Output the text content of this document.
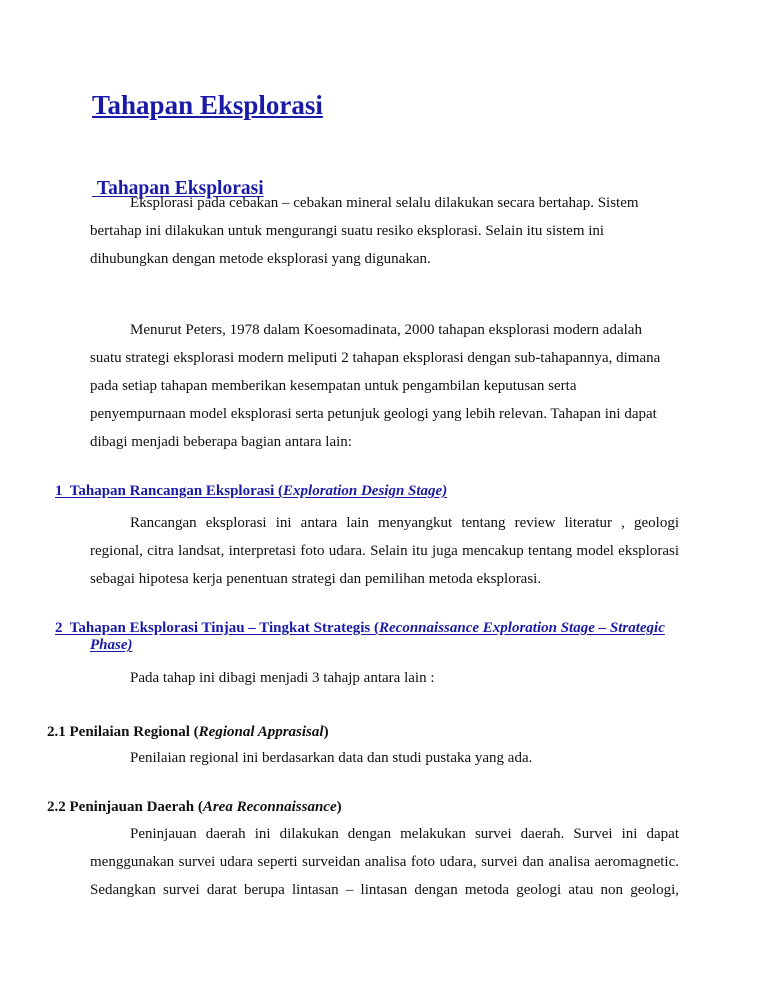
Tahapan Eksplorasi
Tahapan Eksplorasi
Eksplorasi pada cebakan – cebakan mineral selalu dilakukan secara bertahap. Sistem
bertahap ini dilakukan untuk mengurangi suatu resiko eksplorasi. Selain itu sistem ini
dihubungkan dengan metode eksplorasi yang digunakan.
Menurut Peters, 1978 dalam Koesomadinata, 2000 tahapan eksplorasi modern adalah
suatu strategi eksplorasi modern meliputi 2 tahapan eksplorasi dengan sub-tahapannya, dimana
pada setiap tahapan memberikan kesempatan untuk pengambilan keputusan serta
penyempurnaan model eksplorasi serta petunjuk geologi yang lebih relevan. Tahapan ini dapat
dibagi menjadi beberapa bagian antara lain:
1 Tahapan Rancangan Eksplorasi (Exploration Design Stage)
Rancangan eksplorasi ini antara lain menyangkut tentang review literatur , geologi
regional, citra landsat, interpretasi foto udara. Selain itu juga mencakup tentang model eksplorasi
sebagai hipotesa kerja penentuan strategi dan pemilihan metoda eksplorasi.
2 Tahapan Eksplorasi Tinjau – Tingkat Strategis (Reconnaissance Exploration Stage – Strategic
Phase)
Pada tahap ini dibagi menjadi 3 tahajp antara lain :
2.1 Penilaian Regional (Regional Apprasisal)
Penilaian regional ini berdasarkan data dan studi pustaka yang ada.
2.2 Peninjauan Daerah (Area Reconnaissance)
Peninjauan daerah ini dilakukan dengan melakukan survei daerah. Survei ini dapat
menggunakan survei udara seperti surveidan analisa foto udara, survei dan analisa aeromagnetic.
Sedangkan survei darat berupa lintasan – lintasan dengan metoda geologi atau non geologi,
